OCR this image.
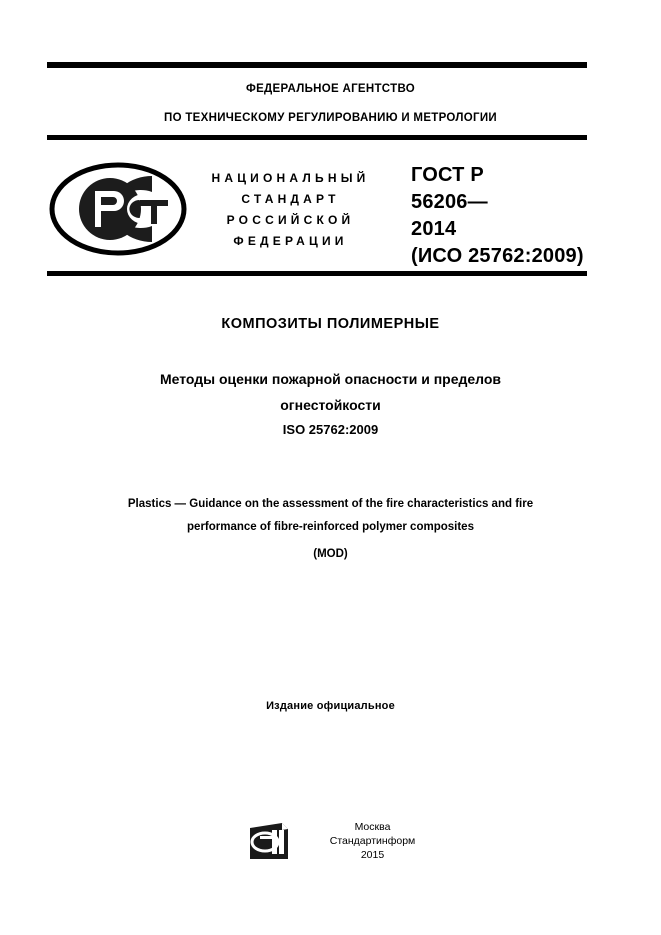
ФЕДЕРАЛЬНОЕ АГЕНТСТВО
ПО ТЕХНИЧЕСКОМУ РЕГУЛИРОВАНИЮ И МЕТРОЛОГИИ
НАЦИОНАЛЬНЫЙ
СТАНДАРТ
РОССИЙСКОЙ
ФЕДЕРАЦИИ
ГОСТ Р
56206—
2014
(ИСО 25762:2009)
КОМПОЗИТЫ ПОЛИМЕРНЫЕ
Методы оценки пожарной опасности и пределов
огнестойкости
ISO 25762:2009
Plastics — Guidance on the assessment of the fire characteristics and fire
performance of fibre-reinforced polymer composites
(MOD)
Издание официальное
Москва
Стандартинформ
2015
